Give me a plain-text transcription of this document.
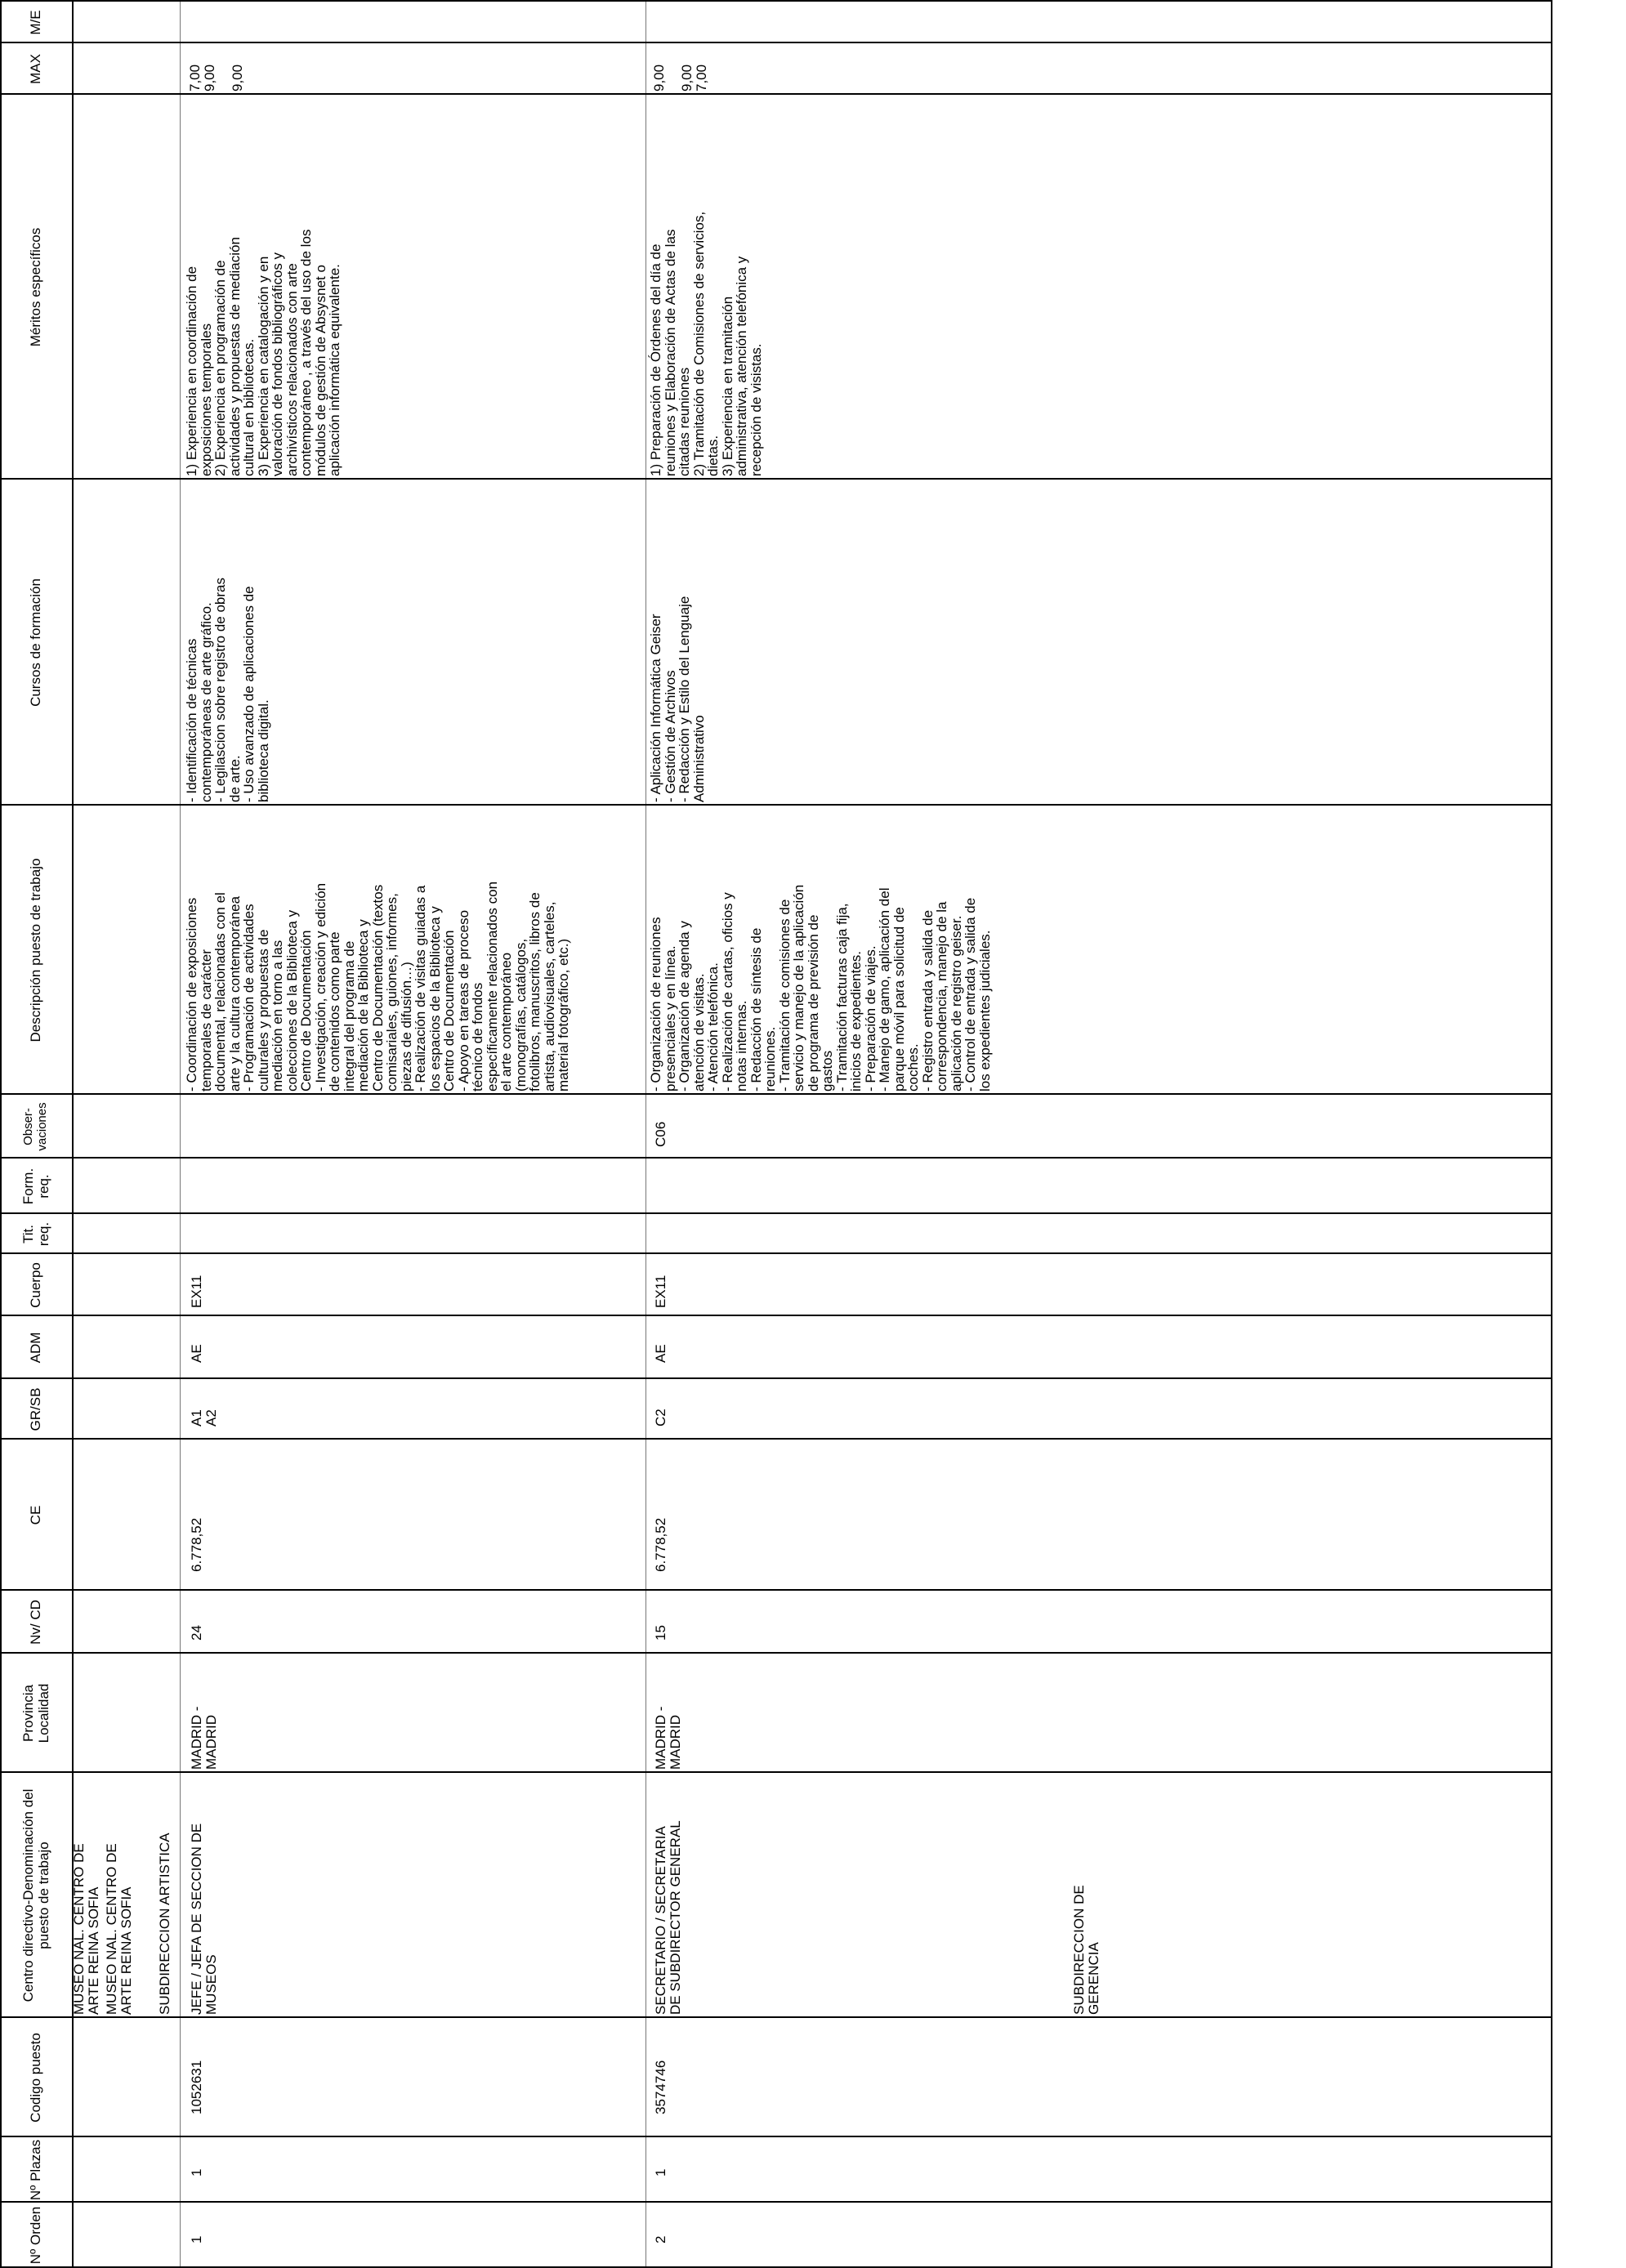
Nº Orden
Nº Plazas
Codigo puesto
Centro directivo-Denominación del puesto de trabajo
Provincia Localidad
Nv/ CD
CE
GR/SB
ADM
Cuerpo
Tit. req.
Form. req.
Obser-vaciones
Descripción puesto de trabajo
Cursos de formación
Méritos específicos
MAX
M/E
MUSEO NAL. CENTRO DE
ARTE REINA SOFIA
MUSEO NAL. CENTRO DE
ARTE REINA SOFIA SUBDIRECCION ARTISTICA
1
1
1052631
JEFE / JEFA DE SECCION DE
MUSEOS
MADRID -
MADRID
24
6.778,52
A1
A2
AE
EX11
- Coordinación de exposiciones
temporales de carácter
documental, relacionadas con el
arte y la cultura contemporánea
- Programación de actividades
culturales y propuestas de
mediación en torno a las
colecciones de la Biblioteca y
Centro de Documentación
- Investigación, creación y edición
de contenidos como parte
integral del programa de
mediación de la Biblioteca y
Centro de Documentación (textos
comisariales, guiones, informes,
piezas de difusión…)
- Realización de visitas guiadas a
los espacios de la Biblioteca y
Centro de Documentación
- Apoyo en tareas de proceso
técnico de fondos
específicamente relacionados con
el arte contemporáneo
(monografías, catálogos,
fotolibros, manuscritos, libros de
artista, audiovisuales, carteles,
material fotográfico, etc.)
- Identificación de técnicas
contemporáneas de arte gráfico.
- Legilascion sobre registro de obras
de arte.
- Uso avanzado de aplicaciones de
biblioteca digital.
1) Experiencia en coordinación de
exposiciones temporales
2) Experiencia en programación de
actividades y propuestas de mediación
cultural en bibliotecas.
3) Experiencia en catalogación y en
valoración de fondos bibliográficos y
archivísticos relacionados con arte
contemporáneo , a través del uso de los
módulos de gestión de Absysnet o
aplicación informática equivalente.
7,00 9,00 9,00
2
1
3574746
SECRETARIO / SECRETARIA
DE SUBDIRECTOR GENERAL
MADRID -
MADRID
15
6.778,52
C2
AE
EX11
C06
- Organización de reuniones
presenciales y en línea.
- Organización de agenda y
atención de visitas.
- Atención telefónica.
- Realización de cartas, oficios y
notas internas.
- Redacción de síntesis de
reuniones.
- Tramitación de comisiones de
servicio y manejo de la aplicación
de programa de previsión de
gastos
- Tramitación facturas caja fija,
inicios de expedientes.
- Preparación de viajes.
- Manejo de gamo, aplicación del
parque móvil para solicitud de
coches.
- Registro entrada y salida de
correspondencia, manejo de la
aplicación de registro geiser.
- Control de entrada y salida de
los expedientes judiciales.
- Aplicación Informática Geiser
- Gestión de Archivos
- Redacción y Estilo del Lenguaje
Administrativo
1) Preparación de Órdenes del día de
reuniones y Elaboración de Actas de las
citadas reuniones
2) Tramitación de Comisiones de servicios,
dietas.
3) Experiencia en tramitación
administrativa, atención telefónica y
recepción de visistas.
9,00 9,00 7,00
SUBDIRECCION DE
GERENCIA
